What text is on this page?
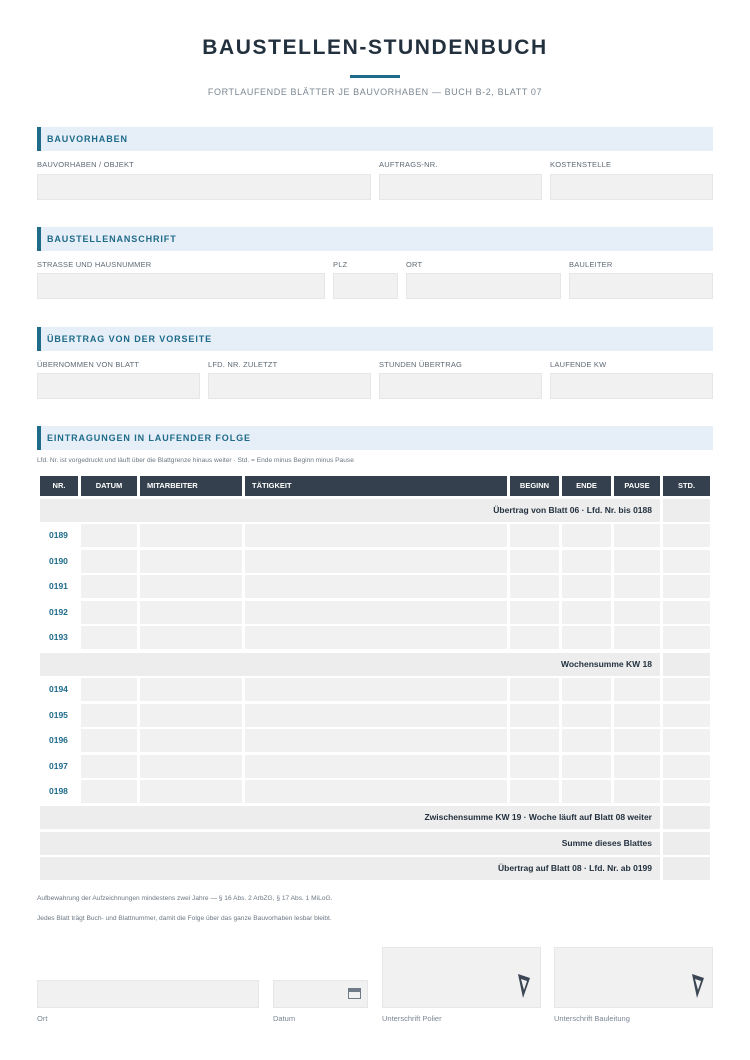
BAUSTELLEN-STUNDENBUCH
FORTLAUFENDE BLÄTTER JE BAUVORHABEN — BUCH B-2, BLATT 07
BAUVORHABEN
BAUVORHABEN / OBJEKT	AUFTRAGS-NR.	KOSTENSTELLE
BAUSTELLENANSCHRIFT
STRASSE UND HAUSNUMMER	PLZ	ORT	BAULEITER
ÜBERTRAG VON DER VORSEITE
ÜBERNOMMEN VON BLATT	LFD. NR. ZULETZT	STUNDEN ÜBERTRAG	LAUFENDE KW
EINTRAGUNGEN IN LAUFENDER FOLGE
Lfd. Nr. ist vorgedruckt und läuft über die Blattgrenze hinaus weiter · Std. = Ende minus Beginn minus Pause
NR.	DATUM	MITARBEITER	TÄTIGKEIT	BEGINN	ENDE	PAUSE	STD.
Übertrag von Blatt 06 · Lfd. Nr. bis 0188
0189
0190
0191
0192
0193
Wochensumme KW 18
0194
0195
0196
0197
0198
Zwischensumme KW 19 · Woche läuft auf Blatt 08 weiter
Summe dieses Blattes
Übertrag auf Blatt 08 · Lfd. Nr. ab 0199
Aufbewahrung der Aufzeichnungen mindestens zwei Jahre — § 16 Abs. 2 ArbZG, § 17 Abs. 1 MiLoG.
Jedes Blatt trägt Buch- und Blattnummer, damit die Folge über das ganze Bauvorhaben lesbar bleibt.
Ort	Datum	Unterschrift Polier	Unterschrift Bauleitung
